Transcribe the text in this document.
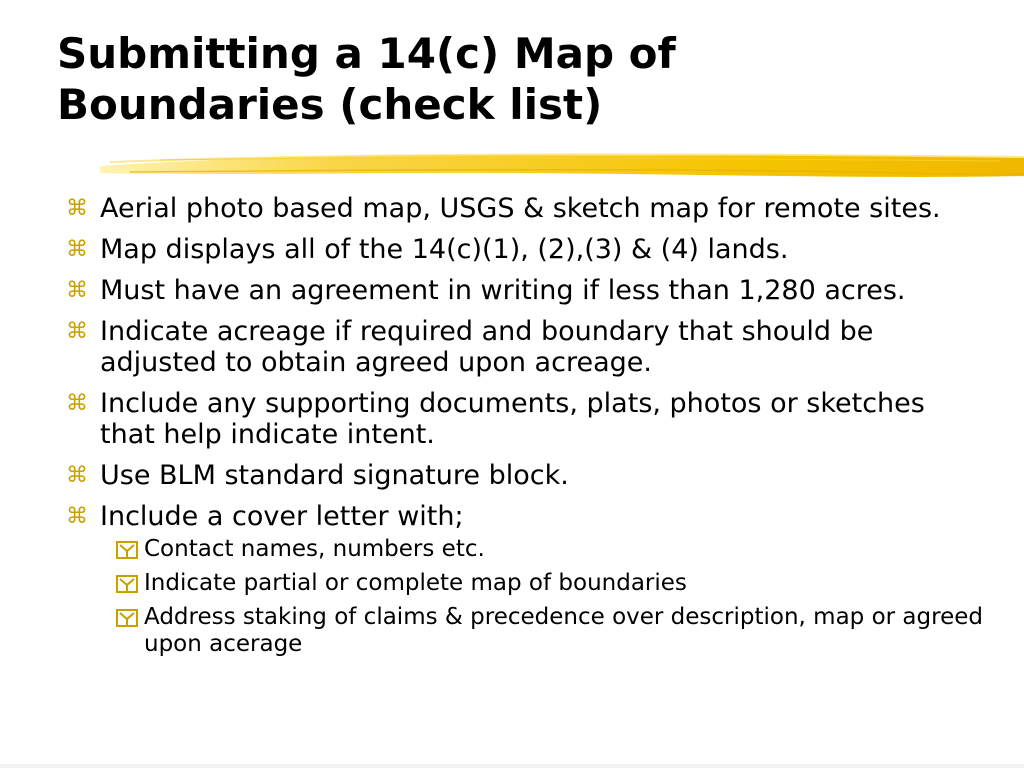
Submitting a 14(c) Map of
Boundaries (check list)
⌘ Aerial photo based map, USGS & sketch map for remote sites.
⌘ Map displays all of the 14(c)(1), (2),(3) & (4) lands.
⌘ Must have an agreement in writing if less than 1,280 acres.
⌘ Indicate acreage if required and boundary that should be adjusted to obtain agreed upon acreage.
⌘ Include any supporting documents, plats, photos or sketches that help indicate intent.
⌘ Use BLM standard signature block.
⌘ Include a cover letter with;
Contact names, numbers etc.
Indicate partial or complete map of boundaries
Address staking of claims & precedence over description, map or agreed upon acerage
